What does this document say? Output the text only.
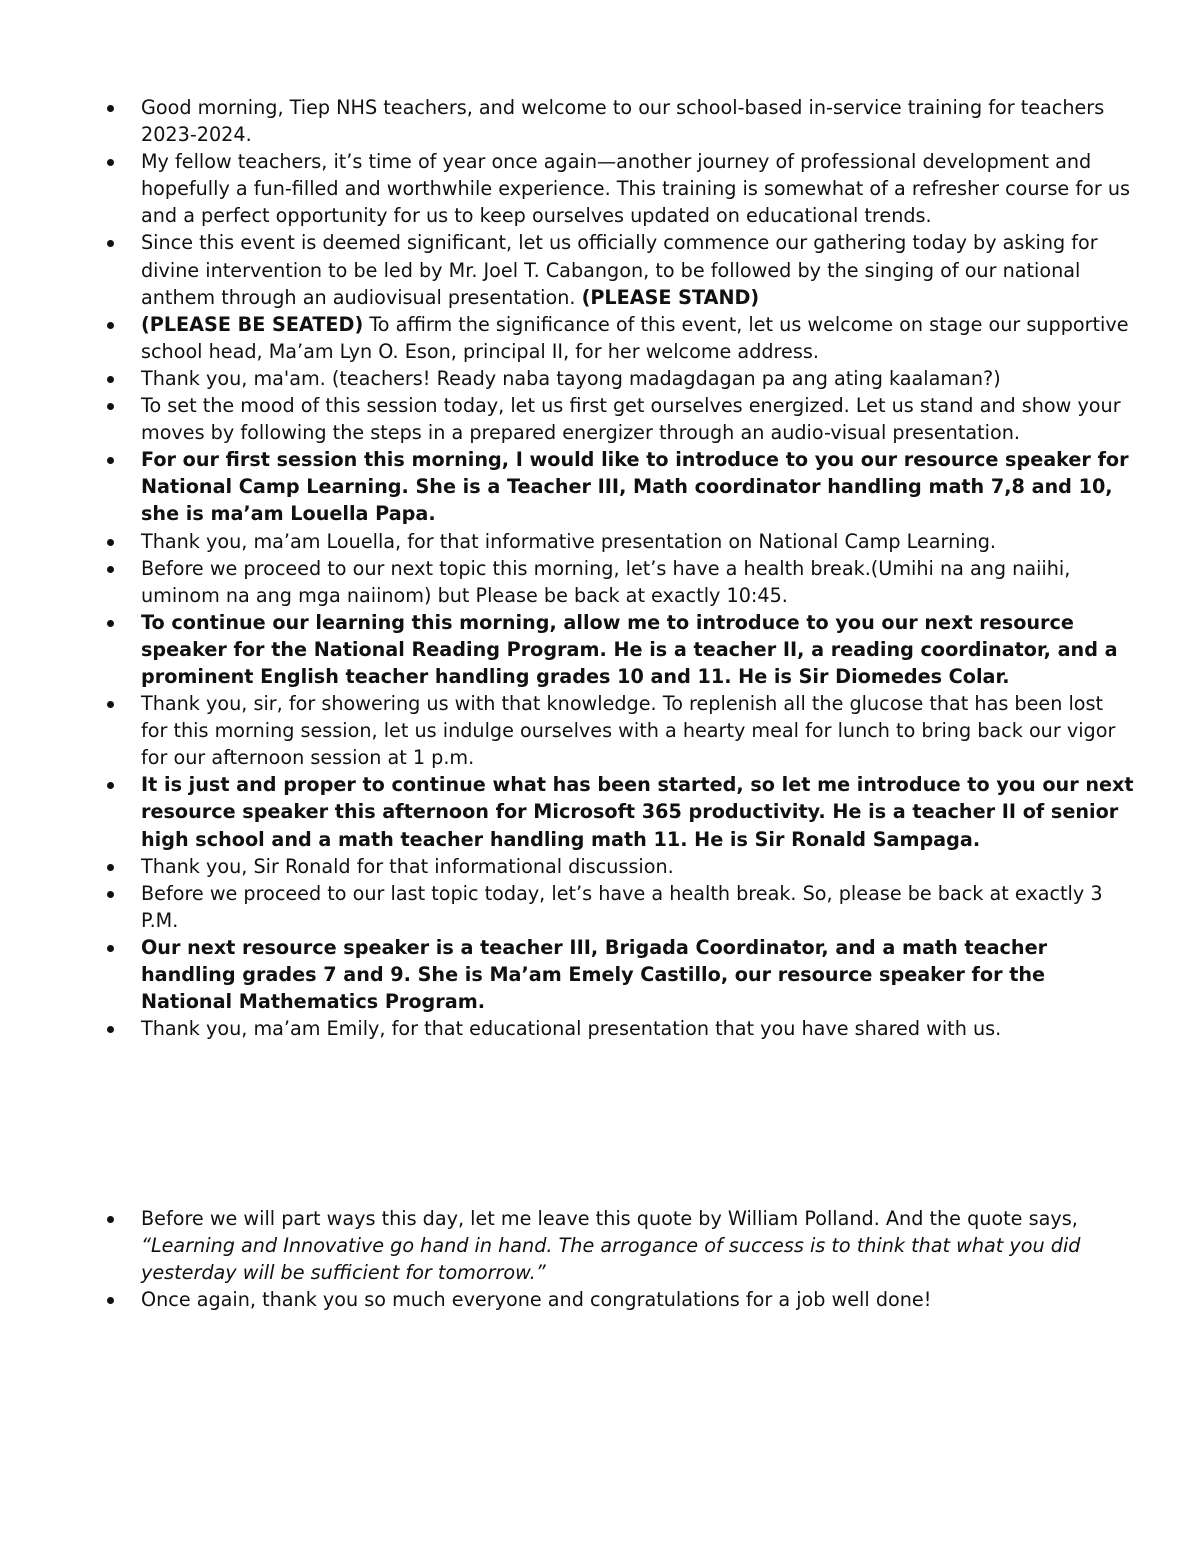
Good morning, Tiep NHS teachers, and welcome to our school-based in-service training for teachers 2023-2024.
My fellow teachers, it’s time of year once again—another journey of professional development and hopefully a fun-filled and worthwhile experience. This training is somewhat of a refresher course for us and a perfect opportunity for us to keep ourselves updated on educational trends.
Since this event is deemed significant, let us officially commence our gathering today by asking for divine intervention to be led by Mr. Joel T. Cabangon, to be followed by the singing of our national anthem through an audiovisual presentation. (PLEASE STAND)
(PLEASE BE SEATED) To affirm the significance of this event, let us welcome on stage our supportive school head, Ma’am Lyn O. Eson, principal II, for her welcome address.
Thank you, ma'am. (teachers! Ready naba tayong madagdagan pa ang ating kaalaman?)
To set the mood of this session today, let us first get ourselves energized. Let us stand and show your moves by following the steps in a prepared energizer through an audio-visual presentation.
For our first session this morning, I would like to introduce to you our resource speaker for National Camp Learning. She is a Teacher III, Math coordinator handling math 7,8 and 10, she is ma’am Louella Papa.
Thank you, ma’am Louella, for that informative presentation on National Camp Learning.
Before we proceed to our next topic this morning, let’s have a health break.(Umihi na ang naiihi, uminom na ang mga naiinom) but Please be back at exactly 10:45.
To continue our learning this morning, allow me to introduce to you our next resource speaker for the National Reading Program. He is a teacher II, a reading coordinator, and a prominent English teacher handling grades 10 and 11. He is Sir Diomedes Colar.
Thank you, sir, for showering us with that knowledge. To replenish all the glucose that has been lost for this morning session, let us indulge ourselves with a hearty meal for lunch to bring back our vigor for our afternoon session at 1 p.m.
It is just and proper to continue what has been started, so let me introduce to you our next resource speaker this afternoon for Microsoft 365 productivity. He is a teacher II of senior high school and a math teacher handling math 11. He is Sir Ronald Sampaga.
Thank you, Sir Ronald for that informational discussion.
Before we proceed to our last topic today, let’s have a health break. So, please be back at exactly 3 P.M.
Our next resource speaker is a teacher III, Brigada Coordinator, and a math teacher handling grades 7 and 9. She is Ma’am Emely Castillo, our resource speaker for the National Mathematics Program.
Thank you, ma’am Emily, for that educational presentation that you have shared with us.
Before we will part ways this day, let me leave this quote by William Polland. And the quote says, “Learning and Innovative go hand in hand. The arrogance of success is to think that what you did yesterday will be sufficient for tomorrow.”
Once again, thank you so much everyone and congratulations for a job well done!
